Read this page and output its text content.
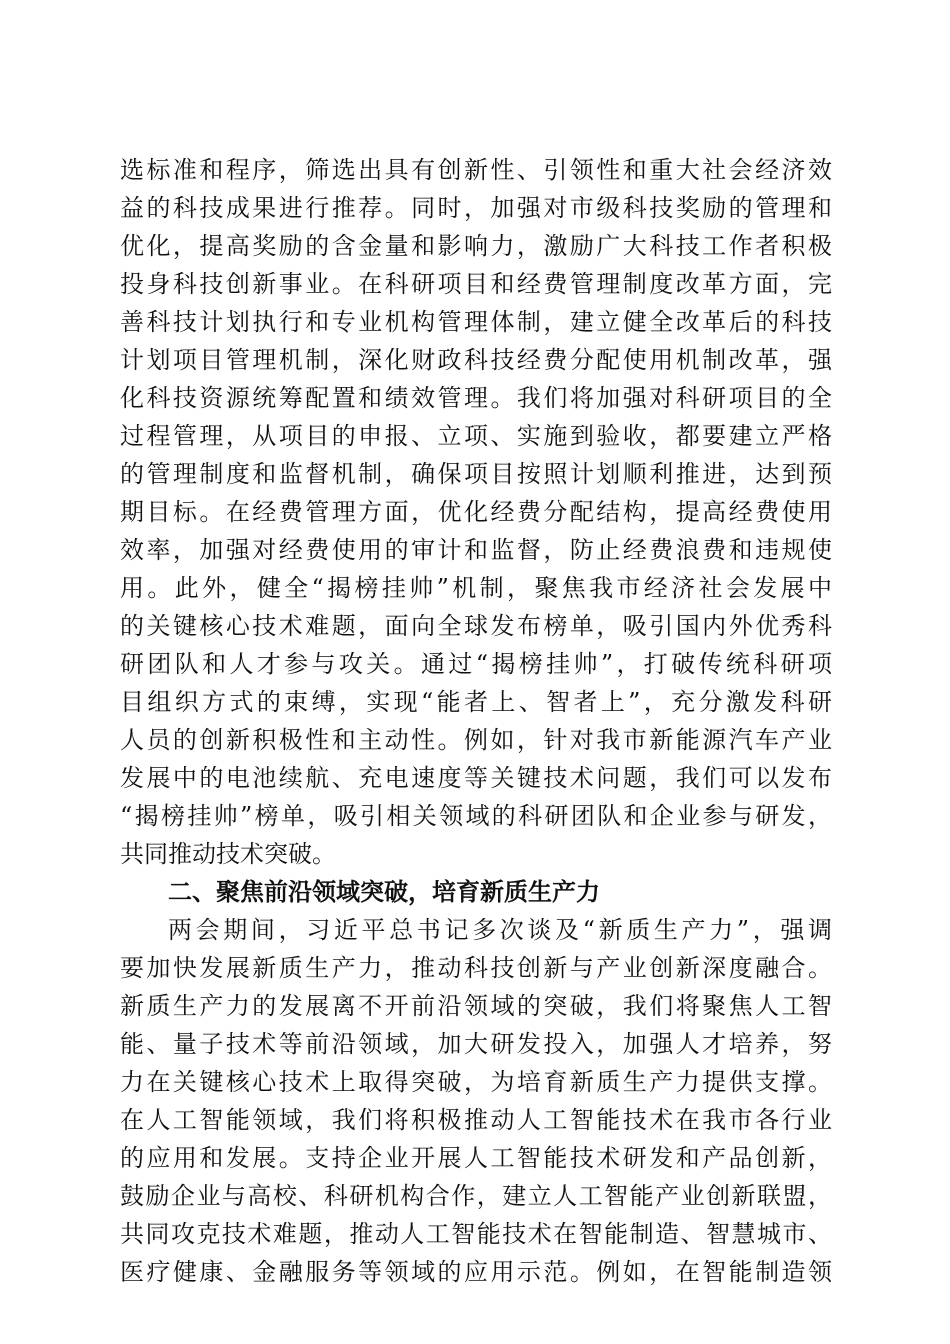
选标准和程序，筛选出具有创新性、引领性和重大社会经济效
益的科技成果进行推荐。同时，加强对市级科技奖励的管理和
优化，提高奖励的含金量和影响力，激励广大科技工作者积极
投身科技创新事业。在科研项目和经费管理制度改革方面，完
善科技计划执行和专业机构管理体制，建立健全改革后的科技
计划项目管理机制，深化财政科技经费分配使用机制改革，强
化科技资源统筹配置和绩效管理。我们将加强对科研项目的全
过程管理，从项目的申报、立项、实施到验收，都要建立严格
的管理制度和监督机制，确保项目按照计划顺利推进，达到预
期目标。在经费管理方面，优化经费分配结构，提高经费使用
效率，加强对经费使用的审计和监督，防止经费浪费和违规使
用。此外，健全“揭榜挂帅”机制，聚焦我市经济社会发展中
的关键核心技术难题，面向全球发布榜单，吸引国内外优秀科
研团队和人才参与攻关。通过“揭榜挂帅”，打破传统科研项
目组织方式的束缚，实现“能者上、智者上”，充分激发科研
人员的创新积极性和主动性。例如，针对我市新能源汽车产业
发展中的电池续航、充电速度等关键技术问题，我们可以发布
“揭榜挂帅”榜单，吸引相关领域的科研团队和企业参与研发，
共同推动技术突破。
二、聚焦前沿领域突破，培育新质生产力
两会期间，习近平总书记多次谈及“新质生产力”，强调
要加快发展新质生产力，推动科技创新与产业创新深度融合。
新质生产力的发展离不开前沿领域的突破，我们将聚焦人工智
能、量子技术等前沿领域，加大研发投入，加强人才培养，努
力在关键核心技术上取得突破，为培育新质生产力提供支撑。
在人工智能领域，我们将积极推动人工智能技术在我市各行业
的应用和发展。支持企业开展人工智能技术研发和产品创新，
鼓励企业与高校、科研机构合作，建立人工智能产业创新联盟，
共同攻克技术难题，推动人工智能技术在智能制造、智慧城市、
医疗健康、金融服务等领域的应用示范。例如，在智能制造领
